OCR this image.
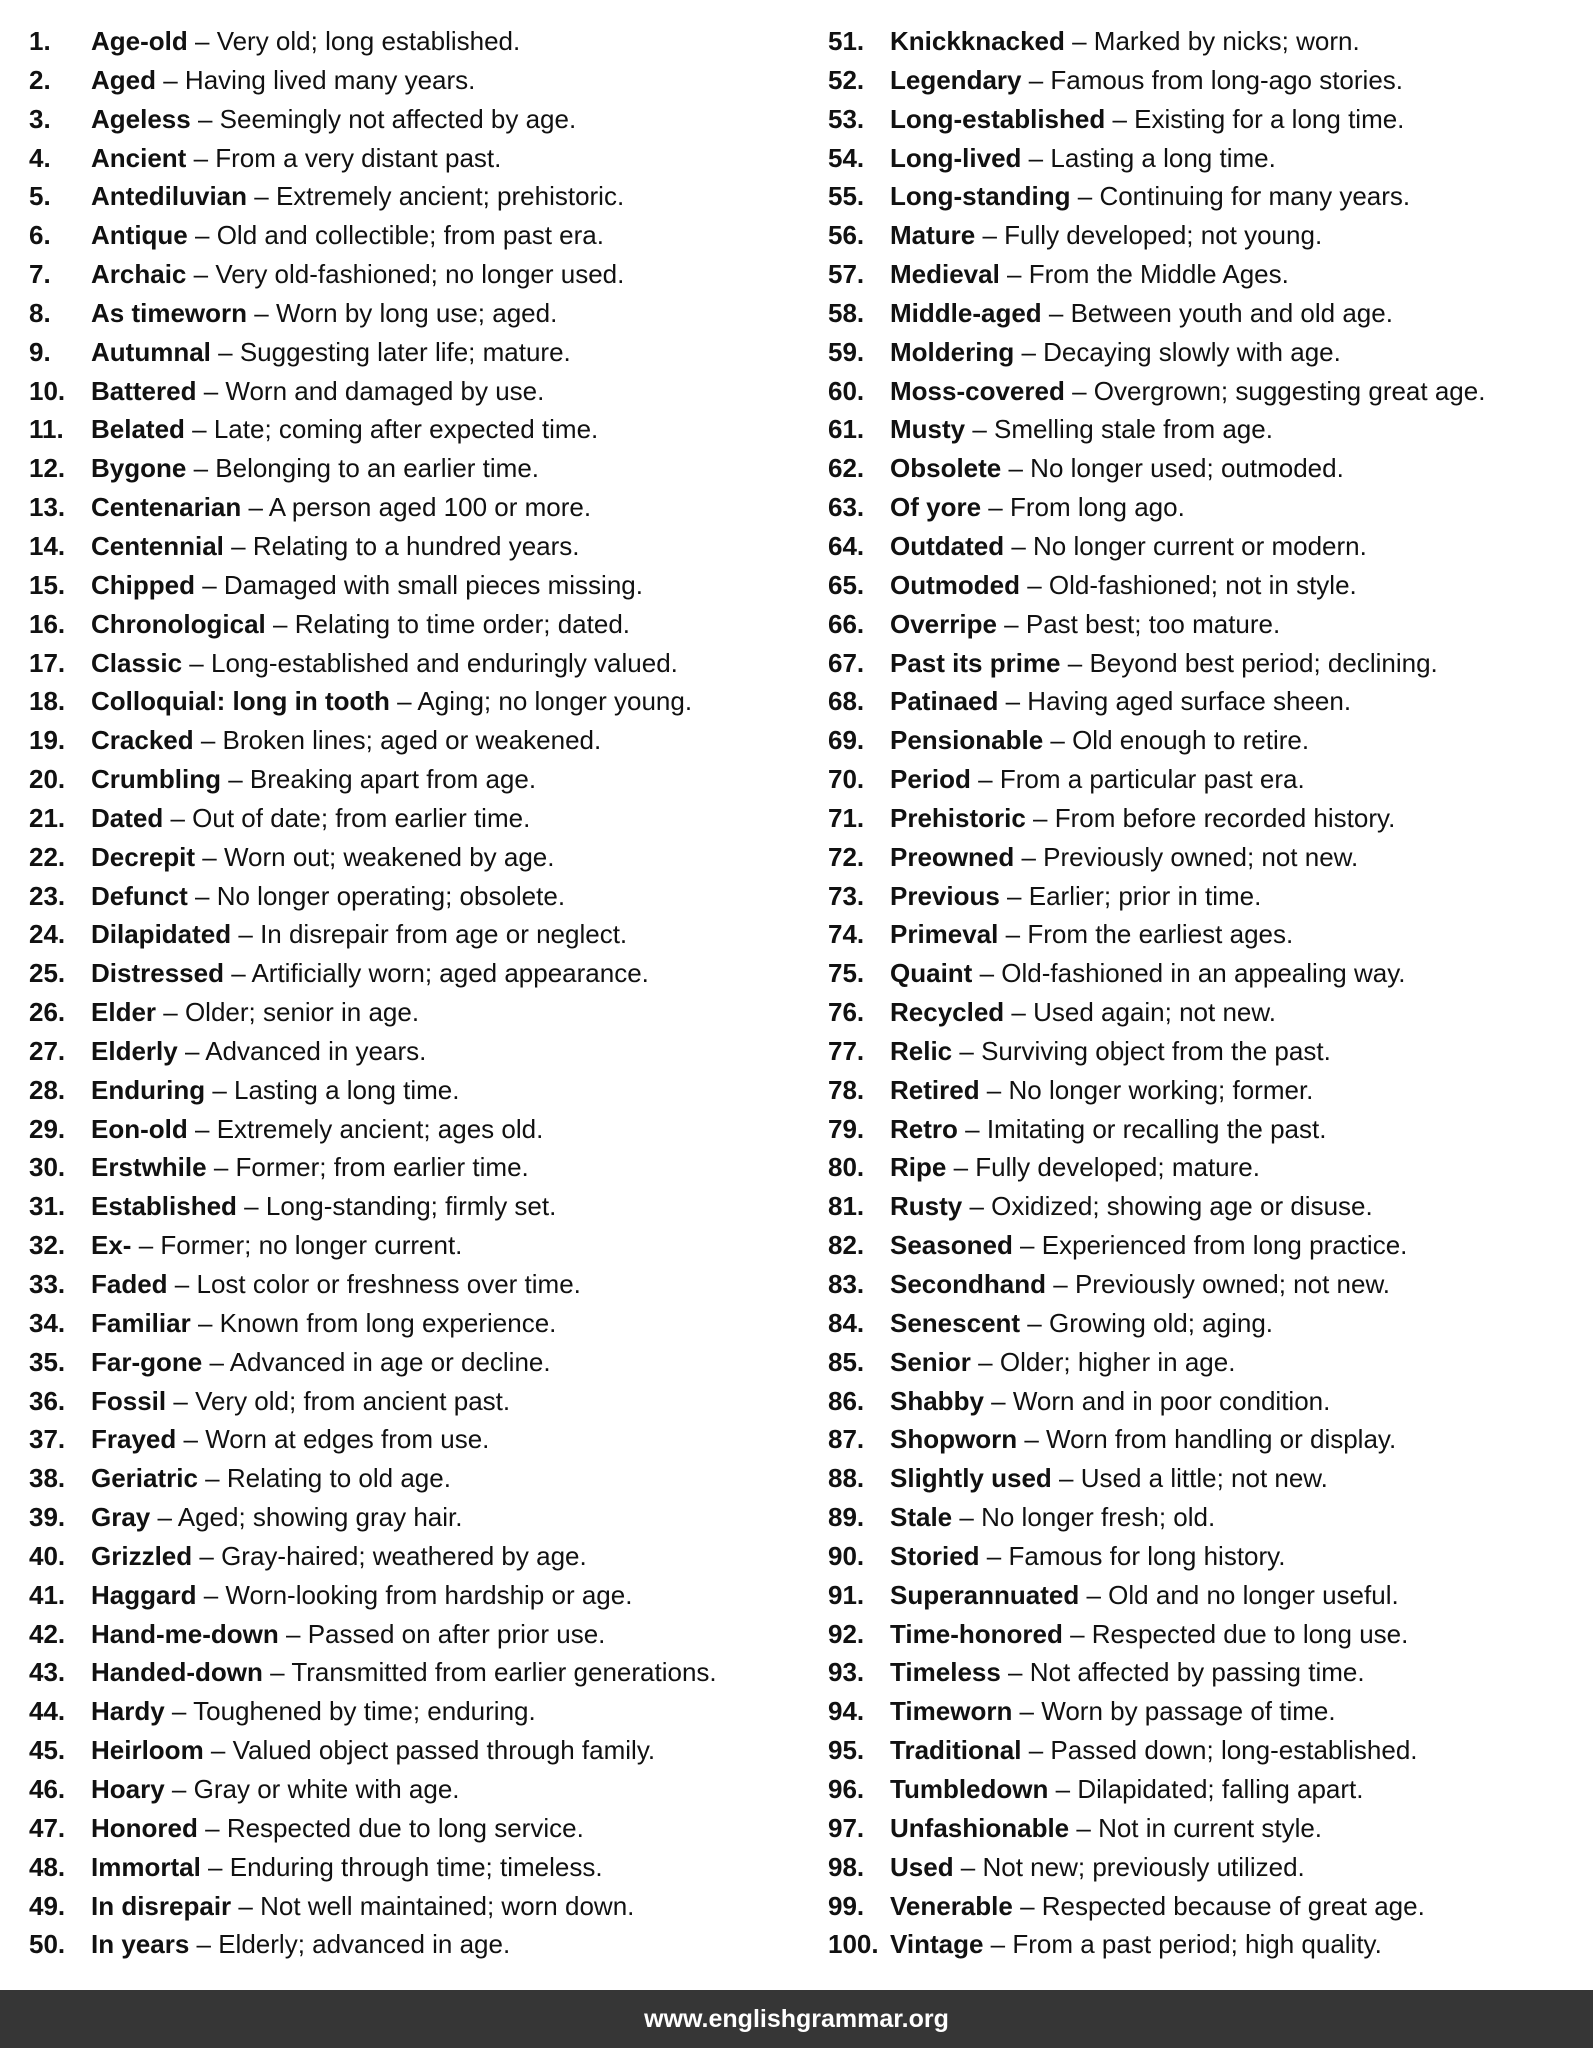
1.	Age-old – Very old; long established.
2.	Aged – Having lived many years.
3.	Ageless – Seemingly not affected by age.
4.	Ancient – From a very distant past.
5.	Antediluvian – Extremely ancient; prehistoric.
6.	Antique – Old and collectible; from past era.
7.	Archaic – Very old-fashioned; no longer used.
8.	As timeworn – Worn by long use; aged.
9.	Autumnal – Suggesting later life; mature.
10. Battered – Worn and damaged by use.
11.	Belated – Late; coming after expected time.
12. Bygone – Belonging to an earlier time.
13. Centenarian – A person aged 100 or more.
14. Centennial – Relating to a hundred years.
15. Chipped – Damaged with small pieces missing.
16. Chronological – Relating to time order; dated.
17. Classic – Long-established and enduringly valued.
18. Colloquial: long in tooth – Aging; no longer young.
19. Cracked – Broken lines; aged or weakened.
20. Crumbling – Breaking apart from age.
21. Dated – Out of date; from earlier time.
22. Decrepit – Worn out; weakened by age.
23. Defunct – No longer operating; obsolete.
24. Dilapidated – In disrepair from age or neglect.
25. Distressed – Artificially worn; aged appearance.
26. Elder – Older; senior in age.
27. Elderly – Advanced in years.
28. Enduring – Lasting a long time.
29. Eon-old – Extremely ancient; ages old.
30. Erstwhile – Former; from earlier time.
31. Established – Long-standing; firmly set.
32. Ex- – Former; no longer current.
33. Faded – Lost color or freshness over time.
34. Familiar – Known from long experience.
35. Far-gone – Advanced in age or decline.
36. Fossil – Very old; from ancient past.
37. Frayed – Worn at edges from use.
38. Geriatric – Relating to old age.
39. Gray – Aged; showing gray hair.
40. Grizzled – Gray-haired; weathered by age.
41. Haggard – Worn-looking from hardship or age.
42. Hand-me-down – Passed on after prior use.
43. Handed-down – Transmitted from earlier generations.
44. Hardy – Toughened by time; enduring.
45. Heirloom – Valued object passed through family.
46. Hoary – Gray or white with age.
47. Honored – Respected due to long service.
48. Immortal – Enduring through time; timeless.
49. In disrepair – Not well maintained; worn down.
50. In years – Elderly; advanced in age.
51. Knickknacked – Marked by nicks; worn.
52. Legendary – Famous from long-ago stories.
53. Long-established – Existing for a long time.
54. Long-lived – Lasting a long time.
55. Long-standing – Continuing for many years.
56. Mature – Fully developed; not young.
57. Medieval – From the Middle Ages.
58. Middle-aged – Between youth and old age.
59. Moldering – Decaying slowly with age.
60. Moss-covered – Overgrown; suggesting great age.
61. Musty – Smelling stale from age.
62. Obsolete – No longer used; outmoded.
63. Of yore – From long ago.
64. Outdated – No longer current or modern.
65. Outmoded – Old-fashioned; not in style.
66. Overripe – Past best; too mature.
67. Past its prime – Beyond best period; declining.
68. Patinaed – Having aged surface sheen.
69. Pensionable – Old enough to retire.
70. Period – From a particular past era.
71. Prehistoric – From before recorded history.
72. Preowned – Previously owned; not new.
73. Previous – Earlier; prior in time.
74. Primeval – From the earliest ages.
75. Quaint – Old-fashioned in an appealing way.
76. Recycled – Used again; not new.
77. Relic – Surviving object from the past.
78. Retired – No longer working; former.
79. Retro – Imitating or recalling the past.
80. Ripe – Fully developed; mature.
81. Rusty – Oxidized; showing age or disuse.
82. Seasoned – Experienced from long practice.
83. Secondhand – Previously owned; not new.
84. Senescent – Growing old; aging.
85. Senior – Older; higher in age.
86. Shabby – Worn and in poor condition.
87. Shopworn – Worn from handling or display.
88. Slightly used – Used a little; not new.
89. Stale – No longer fresh; old.
90. Storied – Famous for long history.
91. Superannuated – Old and no longer useful.
92. Time-honored – Respected due to long use.
93. Timeless – Not affected by passing time.
94. Timeworn – Worn by passage of time.
95. Traditional – Passed down; long-established.
96. Tumbledown – Dilapidated; falling apart.
97. Unfashionable – Not in current style.
98. Used – Not new; previously utilized.
99. Venerable – Respected because of great age.
100. Vintage – From a past period; high quality.
www.englishgrammar.org
